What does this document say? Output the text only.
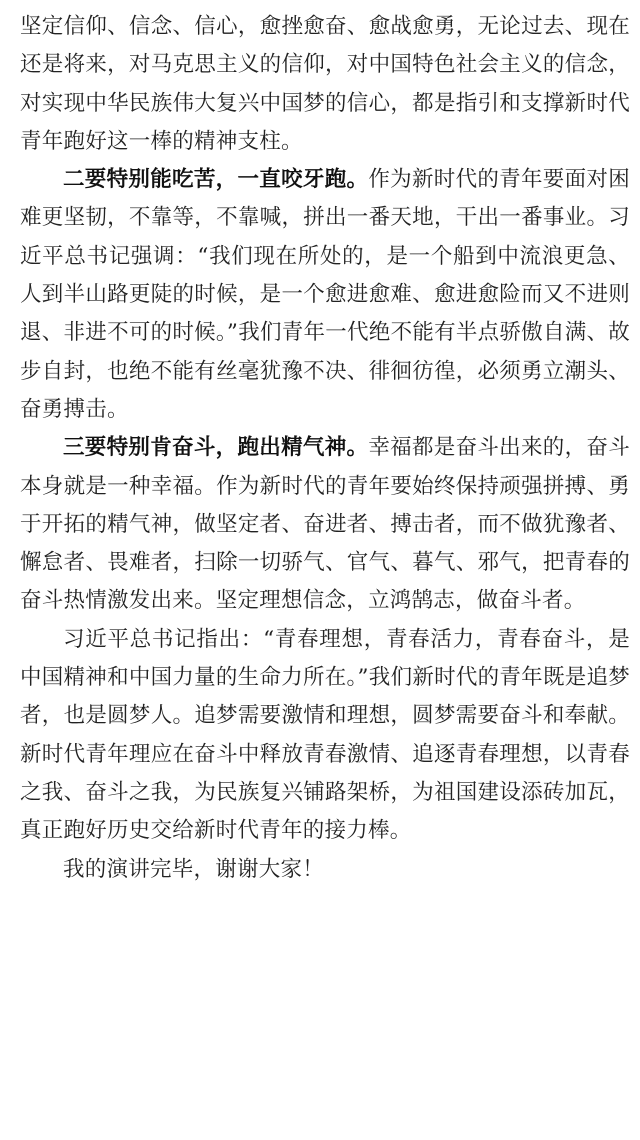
坚定信仰、信念、信心，愈挫愈奋、愈战愈勇，无论过去、现在还是将来，对马克思主义的信仰，对中国特色社会主义的信念，对实现中华民族伟大复兴中国梦的信心，都是指引和支撑新时代青年跑好这一棒的精神支柱。

二要特别能吃苦，一直咬牙跑。作为新时代的青年要面对困难更坚韧，不靠等，不靠喊，拼出一番天地，干出一番事业。习近平总书记强调：“我们现在所处的，是一个船到中流浪更急、人到半山路更陡的时候，是一个愈进愈难、愈进愈险而又不进则退、非进不可的时候。”我们青年一代绝不能有半点骄傲自满、故步自封，也绝不能有丝毫犹豫不决、徘徊彷徨，必须勇立潮头、奋勇搏击。

三要特别肯奋斗，跑出精气神。幸福都是奋斗出来的，奋斗本身就是一种幸福。作为新时代的青年要始终保持顽强拼搏、勇于开拓的精气神，做坚定者、奋进者、搏击者，而不做犹豫者、懈怠者、畏难者，扫除一切骄气、官气、暮气、邪气，把青春的奋斗热情激发出来。坚定理想信念，立鸿鹄志，做奋斗者。

习近平总书记指出：“青春理想，青春活力，青春奋斗，是中国精神和中国力量的生命力所在。”我们新时代的青年既是追梦者，也是圆梦人。追梦需要激情和理想，圆梦需要奋斗和奉献。新时代青年理应在奋斗中释放青春激情、追逐青春理想，以青春之我、奋斗之我，为民族复兴铺路架桥，为祖国建设添砖加瓦，真正跑好历史交给新时代青年的接力棒。

我的演讲完毕，谢谢大家！
